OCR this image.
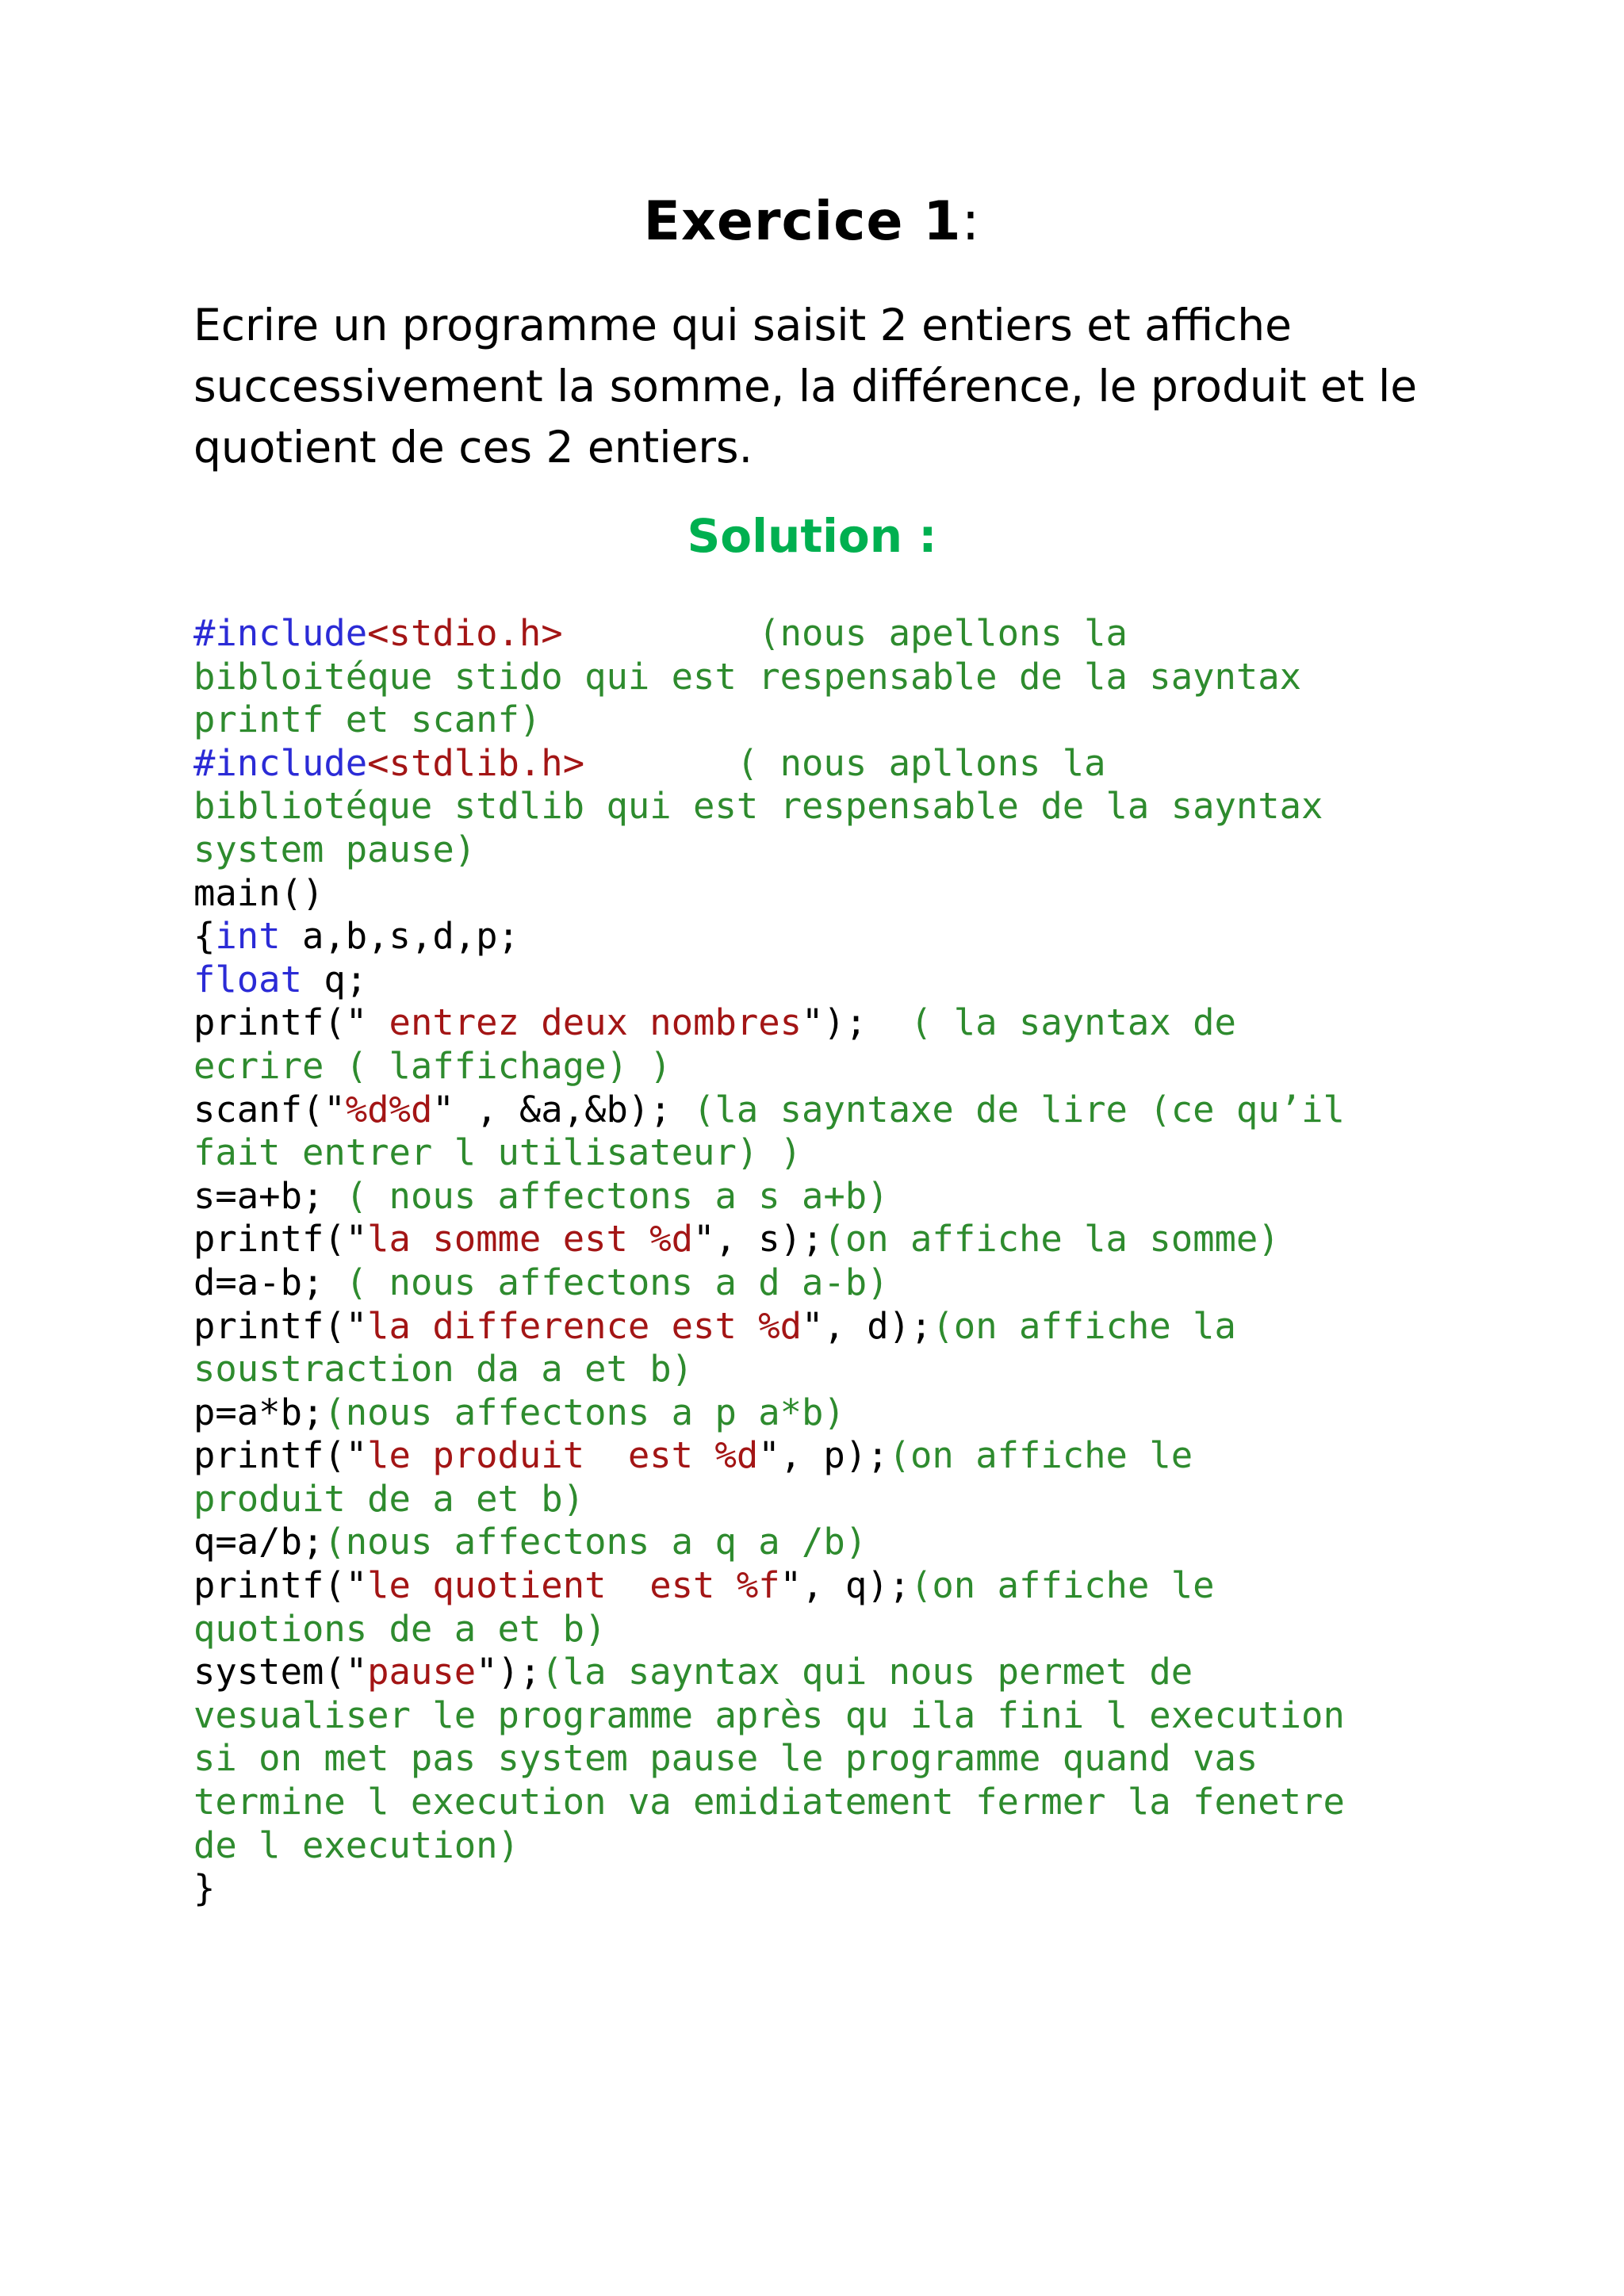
Exercice 1:
Ecrire un programme qui saisit 2 entiers et affiche
successivement la somme, la différence, le produit et le
quotient de ces 2 entiers.
Solution :
#include<stdio.h>         (nous apellons la
bibloitéque stido qui est respensable de la sayntax
printf et scanf)
#include<stdlib.h>       ( nous apllons la
bibliotéque stdlib qui est respensable de la sayntax
system pause)
main()
{int a,b,s,d,p;
float q;
printf(" entrez deux nombres");  ( la sayntax de
ecrire ( laffichage) )
scanf("%d%d" , &a,&b); (la sayntaxe de lire (ce qu’il
fait entrer l utilisateur) )
s=a+b; ( nous affectons a s a+b)
printf("la somme est %d", s);(on affiche la somme)
d=a-b; ( nous affectons a d a-b)
printf("la difference est %d", d);(on affiche la
soustraction da a et b)
p=a*b;(nous affectons a p a*b)
printf("le produit  est %d", p);(on affiche le
produit de a et b)
q=a/b;(nous affectons a q a /b)
printf("le quotient  est %f", q);(on affiche le
quotions de a et b)
system("pause");(la sayntax qui nous permet de
vesualiser le programme après qu ila fini l execution
si on met pas system pause le programme quand vas
termine l execution va emidiatement fermer la fenetre
de l execution)
}
